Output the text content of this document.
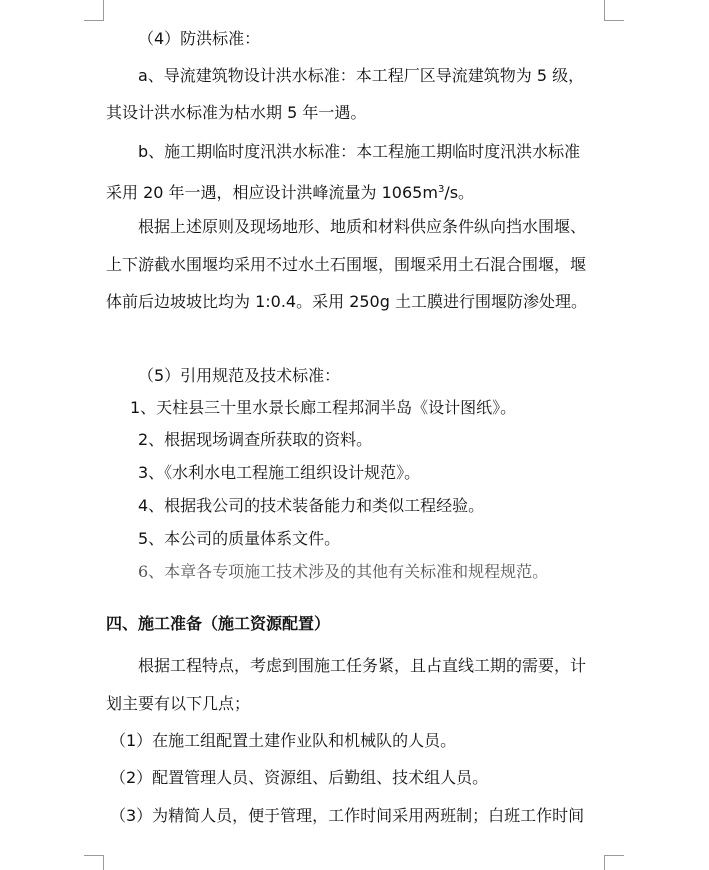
（4）防洪标准：

a、导流建筑物设计洪水标准：本工程厂区导流建筑物为 5 级，

其设计洪水标准为枯水期 5 年一遇。

b、施工期临时度汛洪水标准：本工程施工期临时度汛洪水标准

采用 20 年一遇，相应设计洪峰流量为 $1065m^3/s$。

根据上述原则及现场地形、地质和材料供应条件纵向挡水围堰、

上下游截水围堰均采用不过水土石围堰，围堰采用土石混合围堰，堰

体前后边坡坡比均为 1:0.4。采用 250g 土工膜进行围堰防渗处理。

（5）引用规范及技术标准：

1、天柱县三十里水景长廊工程邦洞半岛《设计图纸》。

2、根据现场调查所获取的资料。

3、《水利水电工程施工组织设计规范》。

4、根据我公司的技术装备能力和类似工程经验。

5、本公司的质量体系文件。

6、本章各专项施工技术涉及的其他有关标准和规程规范。

四、施工准备（施工资源配置）

根据工程特点，考虑到围施工任务紧，且占直线工期的需要，计

划主要有以下几点；

（1）在施工组配置土建作业队和机械队的人员。

（2）配置管理人员、资源组、后勤组、技术组人员。

（3）为精简人员，便于管理，工作时间采用两班制；白班工作时间
